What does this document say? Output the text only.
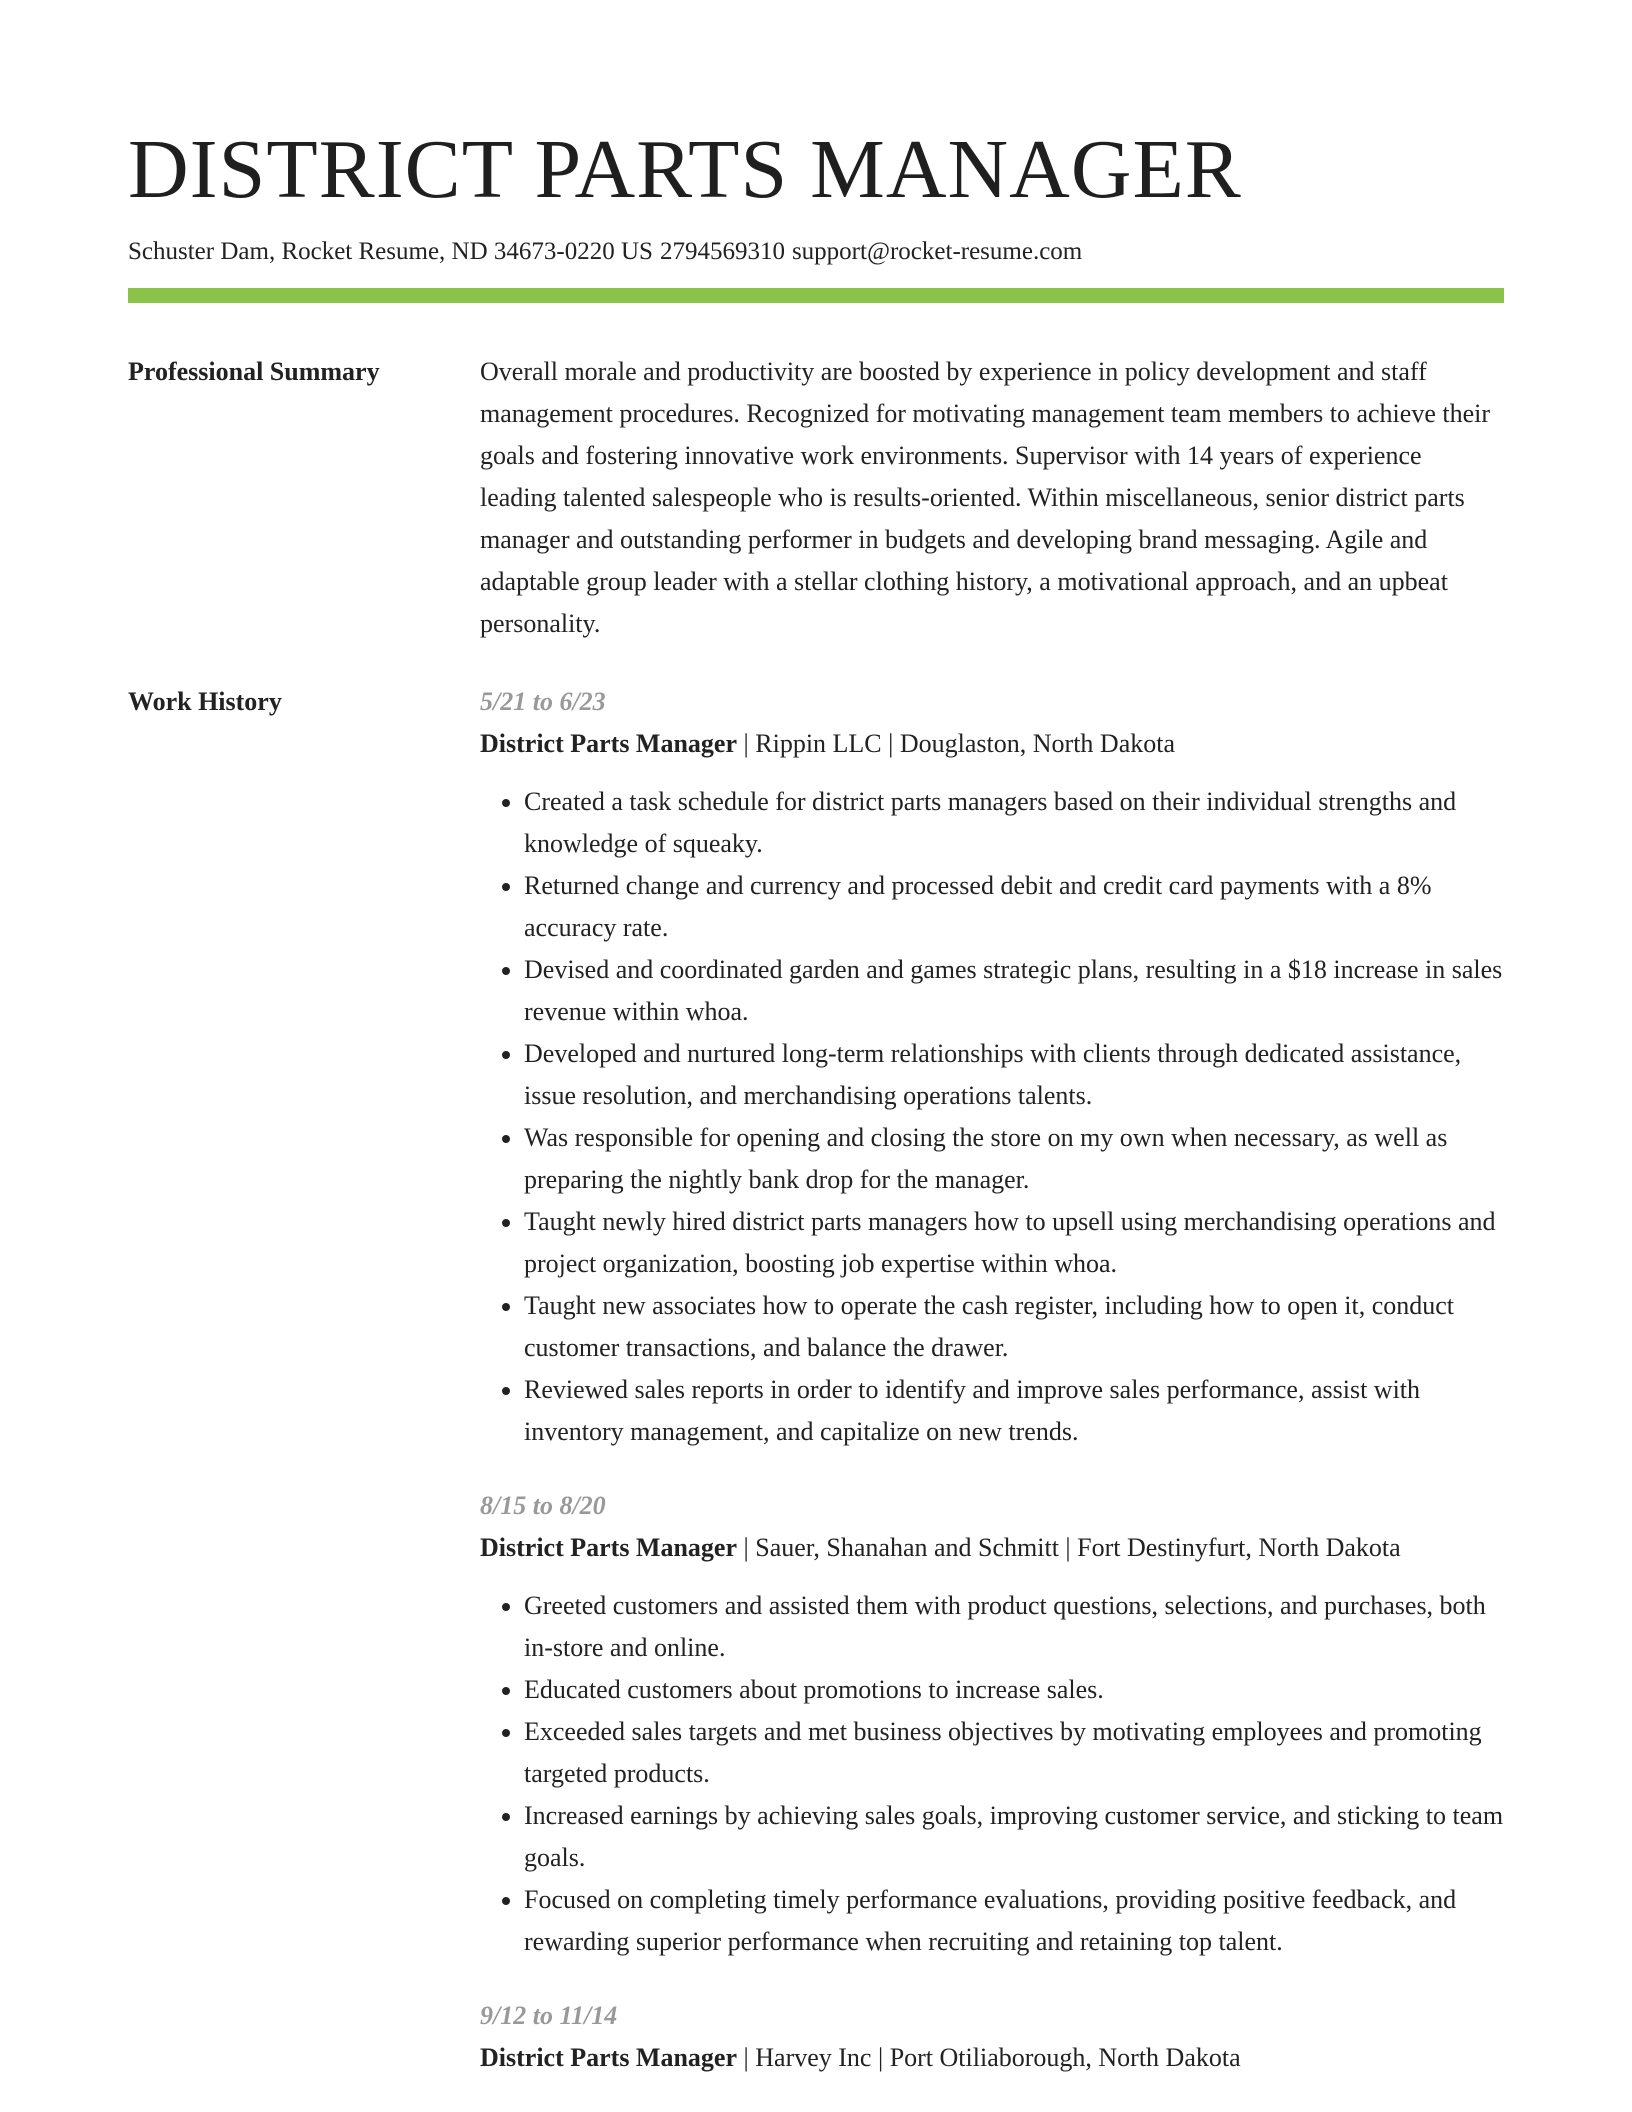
DISTRICT PARTS MANAGER
Schuster Dam, Rocket Resume, ND 34673-0220 US 2794569310 support@rocket-resume.com
Professional Summary	Overall morale and productivity are boosted by experience in policy development and staff management procedures. Recognized for motivating management team members to achieve their goals and fostering innovative work environments. Supervisor with 14 years of experience leading talented salespeople who is results-oriented. Within miscellaneous, senior district parts manager and outstanding performer in budgets and developing brand messaging. Agile and adaptable group leader with a stellar clothing history, a motivational approach, and an upbeat personality.
Work History	5/21 to 6/23
District Parts Manager | Rippin LLC | Douglaston, North Dakota
• Created a task schedule for district parts managers based on their individual strengths and knowledge of squeaky.
• Returned change and currency and processed debit and credit card payments with a 8% accuracy rate.
• Devised and coordinated garden and games strategic plans, resulting in a $18 increase in sales revenue within whoa.
• Developed and nurtured long-term relationships with clients through dedicated assistance, issue resolution, and merchandising operations talents.
• Was responsible for opening and closing the store on my own when necessary, as well as preparing the nightly bank drop for the manager.
• Taught newly hired district parts managers how to upsell using merchandising operations and project organization, boosting job expertise within whoa.
• Taught new associates how to operate the cash register, including how to open it, conduct customer transactions, and balance the drawer.
• Reviewed sales reports in order to identify and improve sales performance, assist with inventory management, and capitalize on new trends.
8/15 to 8/20
District Parts Manager | Sauer, Shanahan and Schmitt | Fort Destinyfurt, North Dakota
• Greeted customers and assisted them with product questions, selections, and purchases, both in-store and online.
• Educated customers about promotions to increase sales.
• Exceeded sales targets and met business objectives by motivating employees and promoting targeted products.
• Increased earnings by achieving sales goals, improving customer service, and sticking to team goals.
• Focused on completing timely performance evaluations, providing positive feedback, and rewarding superior performance when recruiting and retaining top talent.
9/12 to 11/14
District Parts Manager | Harvey Inc | Port Otiliaborough, North Dakota
